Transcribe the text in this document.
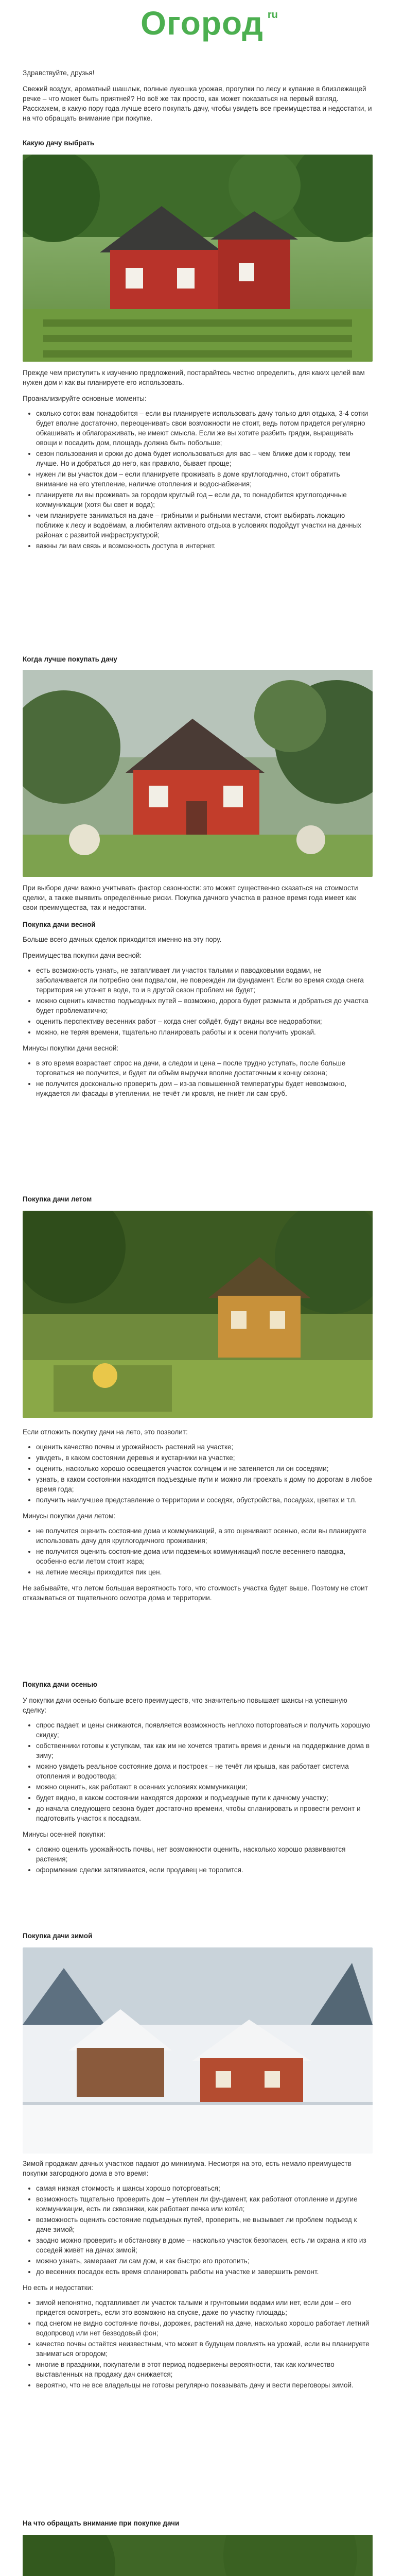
Огород ru

Здравствуйте, друзья!

Свежий воздух, ароматный шашлык, полные лукошка урожая, прогулки по лесу и купание в близлежащей речке – что может быть приятней? Но всё же так просто, как может показаться на первый взгляд. Расскажем, в какую пору года лучше всего покупать дачу, чтобы увидеть все преимущества и недостатки, и на что обращать внимание при покупке.

Какую дачу выбрать

Прежде чем приступить к изучению предложений, постарайтесь честно определить, для каких целей вам нужен дом и как вы планируете его использовать.

Проанализируйте основные моменты:

• сколько соток вам понадобится – если вы планируете использовать дачу только для отдыха, 3-4 сотки будет вполне достаточно, переоценивать свои возможности не стоит, ведь потом придется регулярно обкашивать и облагораживать, не имеют смысла. Если же вы хотите разбить грядки, выращивать овощи и посадить дом, площадь должна быть побольше;
• сезон пользования и сроки до дома будет использоваться для вас – чем ближе дом к городу, тем лучше. Но и добраться до него, как правило, бывает проще;
• нужен ли вы участок дом – если планируете проживать в доме круглогодично, стоит обратить внимание на его утепление, наличие отопления и водоснабжения;
• планируете ли вы проживать за городом круглый год – если да, то понадобится круглогодичные коммуникации (хотя бы свет и вода);
• чем планируете заниматься на даче – грибными и рыбными местами, стоит выбирать локацию поближе к лесу и водоёмам, а любителям активного отдыха в условиях подойдут участки на дачных районах с развитой инфраструктурой;
• важны ли вам связь и возможность доступа в интернет.

Когда лучше покупать дачу

При выборе дачи важно учитывать фактор сезонности: это может существенно сказаться на стоимости сделки, а также выявить определённые риски. Покупка дачного участка в разное время года имеет как свои преимущества, так и недостатки.

Покупка дачи весной

Больше всего дачных сделок приходится именно на эту пору.

Преимущества покупки дачи весной:

• есть возможность узнать, не затапливает ли участок талыми и паводковыми водами, не заболачивается ли потребно они подвалом, не повреждён ли фундамент. Если во время схода снега территория не утонет в воде, то и в другой сезон проблем не будет;
• можно оценить качество подъездных путей – возможно, дорога будет размыта и добраться до участка будет проблематично;
• оценить перспективу весенних работ – когда снег сойдёт, будут видны все недоработки;
• можно, не теряя времени, тщательно планировать работы и к осени получить урожай.

Минусы покупки дачи весной:

• в это время возрастает спрос на дачи, а следом и цена – после трудно уступать, после больше торговаться не получится, и будет ли объём выручки вполне достаточным к концу сезона;
• не получится досконально проверить дом – из-за повышенной температуры будет невозможно, нуждается ли фасады в утеплении, не течёт ли кровля, не гниёт ли сам сруб.

Покупка дачи летом

Если отложить покупку дачи на лето, это позволит:

• оценить качество почвы и урожайность растений на участке;
• увидеть, в каком состоянии деревья и кустарники на участке;
• оценить, насколько хорошо освещается участок солнцем и не затеняется ли он соседями;
• узнать, в каком состоянии находятся подъездные пути и можно ли проехать к дому по дорогам в любое время года;
• получить наилучшее представление о территории и соседях, обустройства, посадках, цветах и т.п.

Минусы покупки дачи летом:

• не получится оценить состояние дома и коммуникаций, а это оценивают осенью, если вы планируете использовать дачу для круглогодичного проживания;
• не получится оценить состояние дома или подземных коммуникаций после весеннего паводка, особенно если летом стоит жара;
• на летние месяцы приходится пик цен.

Не забывайте, что летом большая вероятность того, что стоимость участка будет выше. Поэтому не стоит отказываться от тщательного осмотра дома и территории.

Покупка дачи осенью

У покупки дачи осенью больше всего преимуществ, что значительно повышает шансы на успешную сделку:

• спрос падает, и цены снижаются, появляется возможность неплохо поторговаться и получить хорошую скидку;
• собственники готовы к уступкам, так как им не хочется тратить время и деньги на поддержание дома в зиму;
• можно увидеть реальное состояние дома и построек – не течёт ли крыша, как работает система отопления и водоотвода;
• можно оценить, как работают в осенних условиях коммуникации;
• будет видно, в каком состоянии находятся дорожки и подъездные пути к дачному участку;
• до начала следующего сезона будет достаточно времени, чтобы спланировать и провести ремонт и подготовить участок к посадкам.

Минусы осенней покупки:

• сложно оценить урожайность почвы, нет возможности оценить, насколько хорошо развиваются растения;
• оформление сделки затягивается, если продавец не торопится.

Покупка дачи зимой

Зимой продажам дачных участков падают до минимума. Несмотря на это, есть немало преимуществ покупки загородного дома в это время:

• самая низкая стоимость и шансы хорошо поторговаться;
• возможность тщательно проверить дом – утеплен ли фундамент, как работают отопление и другие коммуникации, есть ли сквозняки, как работает печка или котёл;
• возможность оценить состояние подъездных путей, проверить, не вызывает ли проблем подъезд к даче зимой;
• заодно можно проверить и обстановку в доме – насколько участок безопасен, есть ли охрана и кто из соседей живёт на дачах зимой;
• можно узнать, замерзает ли сам дом, и как быстро его протопить;
• до весенних посадок есть время спланировать работы на участке и завершить ремонт.

Но есть и недостатки:

• зимой непонятно, подтапливает ли участок талыми и грунтовыми водами или нет, если дом – его придется осмотреть, если это возможно на спуске, даже по участку площадь;
• под снегом не видно состояние почвы, дорожек, растений на даче, насколько хорошо работает летний водопровод или нет безводовый фон;
• качество почвы остаётся неизвестным, что может в будущем повлиять на урожай, если вы планируете заниматься огородом;
• многие в праздники, покупатели в этот период подвержены вероятности, так как количество выставленных на продажу дач снижается;
• вероятно, что не все владельцы не готовы регулярно показывать дачу и вести переговоры зимой.

На что обращать внимание при покупке дачи
